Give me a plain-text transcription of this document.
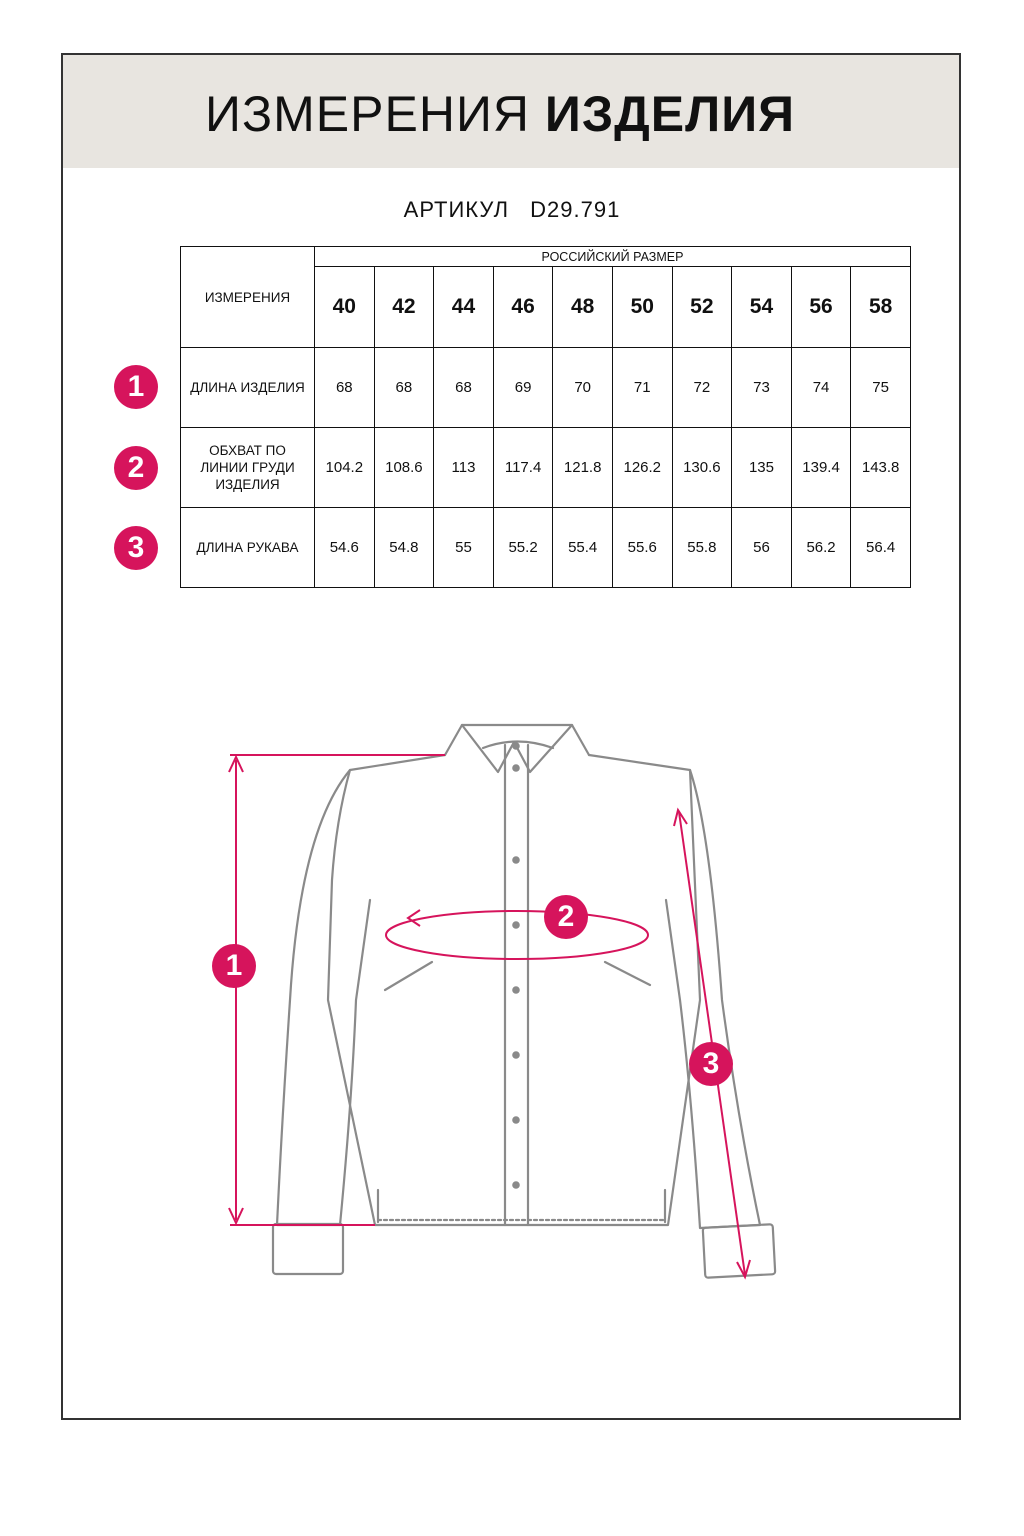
ИЗМЕРЕНИЯ ИЗДЕЛИЯ
АРТИКУЛ D29.791
ИЗМЕРЕНИЯ	РОССИЙСКИЙ РАЗМЕР									
	40	42	44	46	48	50	52	54	56	58
ДЛИНА ИЗДЕЛИЯ	68	68	68	69	70	71	72	73	74	75

ОБХВАТ ПО
ЛИНИИ ГРУДИ
ИЗДЕЛИЯ	104.2	108.6	113	117.4	121.8	126.2	130.6	135	139.4	143.8
ДЛИНА РУКАВА	54.6	54.8	55	55.2	55.4	55.6	55.8	56	56.2	56.4
1
2
3
1
2
3
